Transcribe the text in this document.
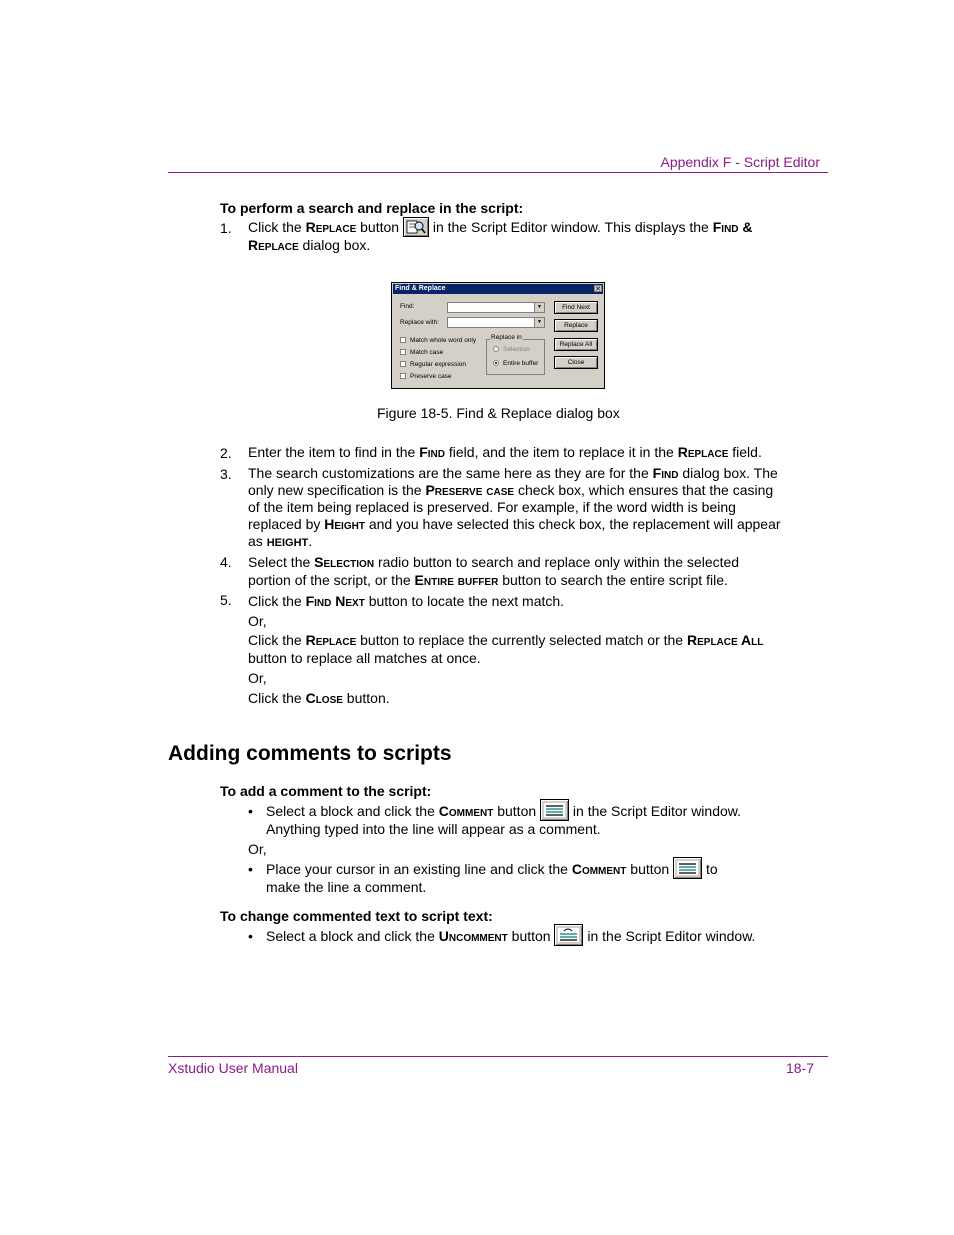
Appendix F - Script Editor
To perform a search and replace in the script:
1. Click the Replace button
in the Script Editor window. This displays the Find &
Replace dialog box.
Find & Replace	✕
Find:	▼
Replace with:	▼
Match whole word only
Match case
Regular expression
Preserve case
Replace in
Selection
Entire buffer
Find Next
Replace
Replace All
Close
Figure 18-5. Find & Replace dialog box
2. Enter the item to find in the Find field, and the item to replace it in the Replace field.
3. The search customizations are the same here as they are for the Find dialog box. The
only new specification is the Preserve case check box, which ensures that the casing
of the item being replaced is preserved. For example, if the word width is being
replaced by Height and you have selected this check box, the replacement will appear
as HEIGHT.
4. Select the Selection radio button to search and replace only within the selected
portion of the script, or the Entire buffer button to search the entire script file.
5. Click the Find Next button to locate the next match.
Or,
Click the Replace button to replace the currently selected match or the Replace All
button to replace all matches at once.
Or,
Click the Close button.
Adding comments to scripts
To add a comment to the script:
• Select a block and click the Comment button
in the Script Editor window.
Anything typed into the line will appear as a comment.
Or,
• Place your cursor in an existing line and click the Comment button
to
make the line a comment.
To change commented text to script text:
• Select a block and click the Uncomment button
in the Script Editor window.
Xstudio User Manual	18-7
